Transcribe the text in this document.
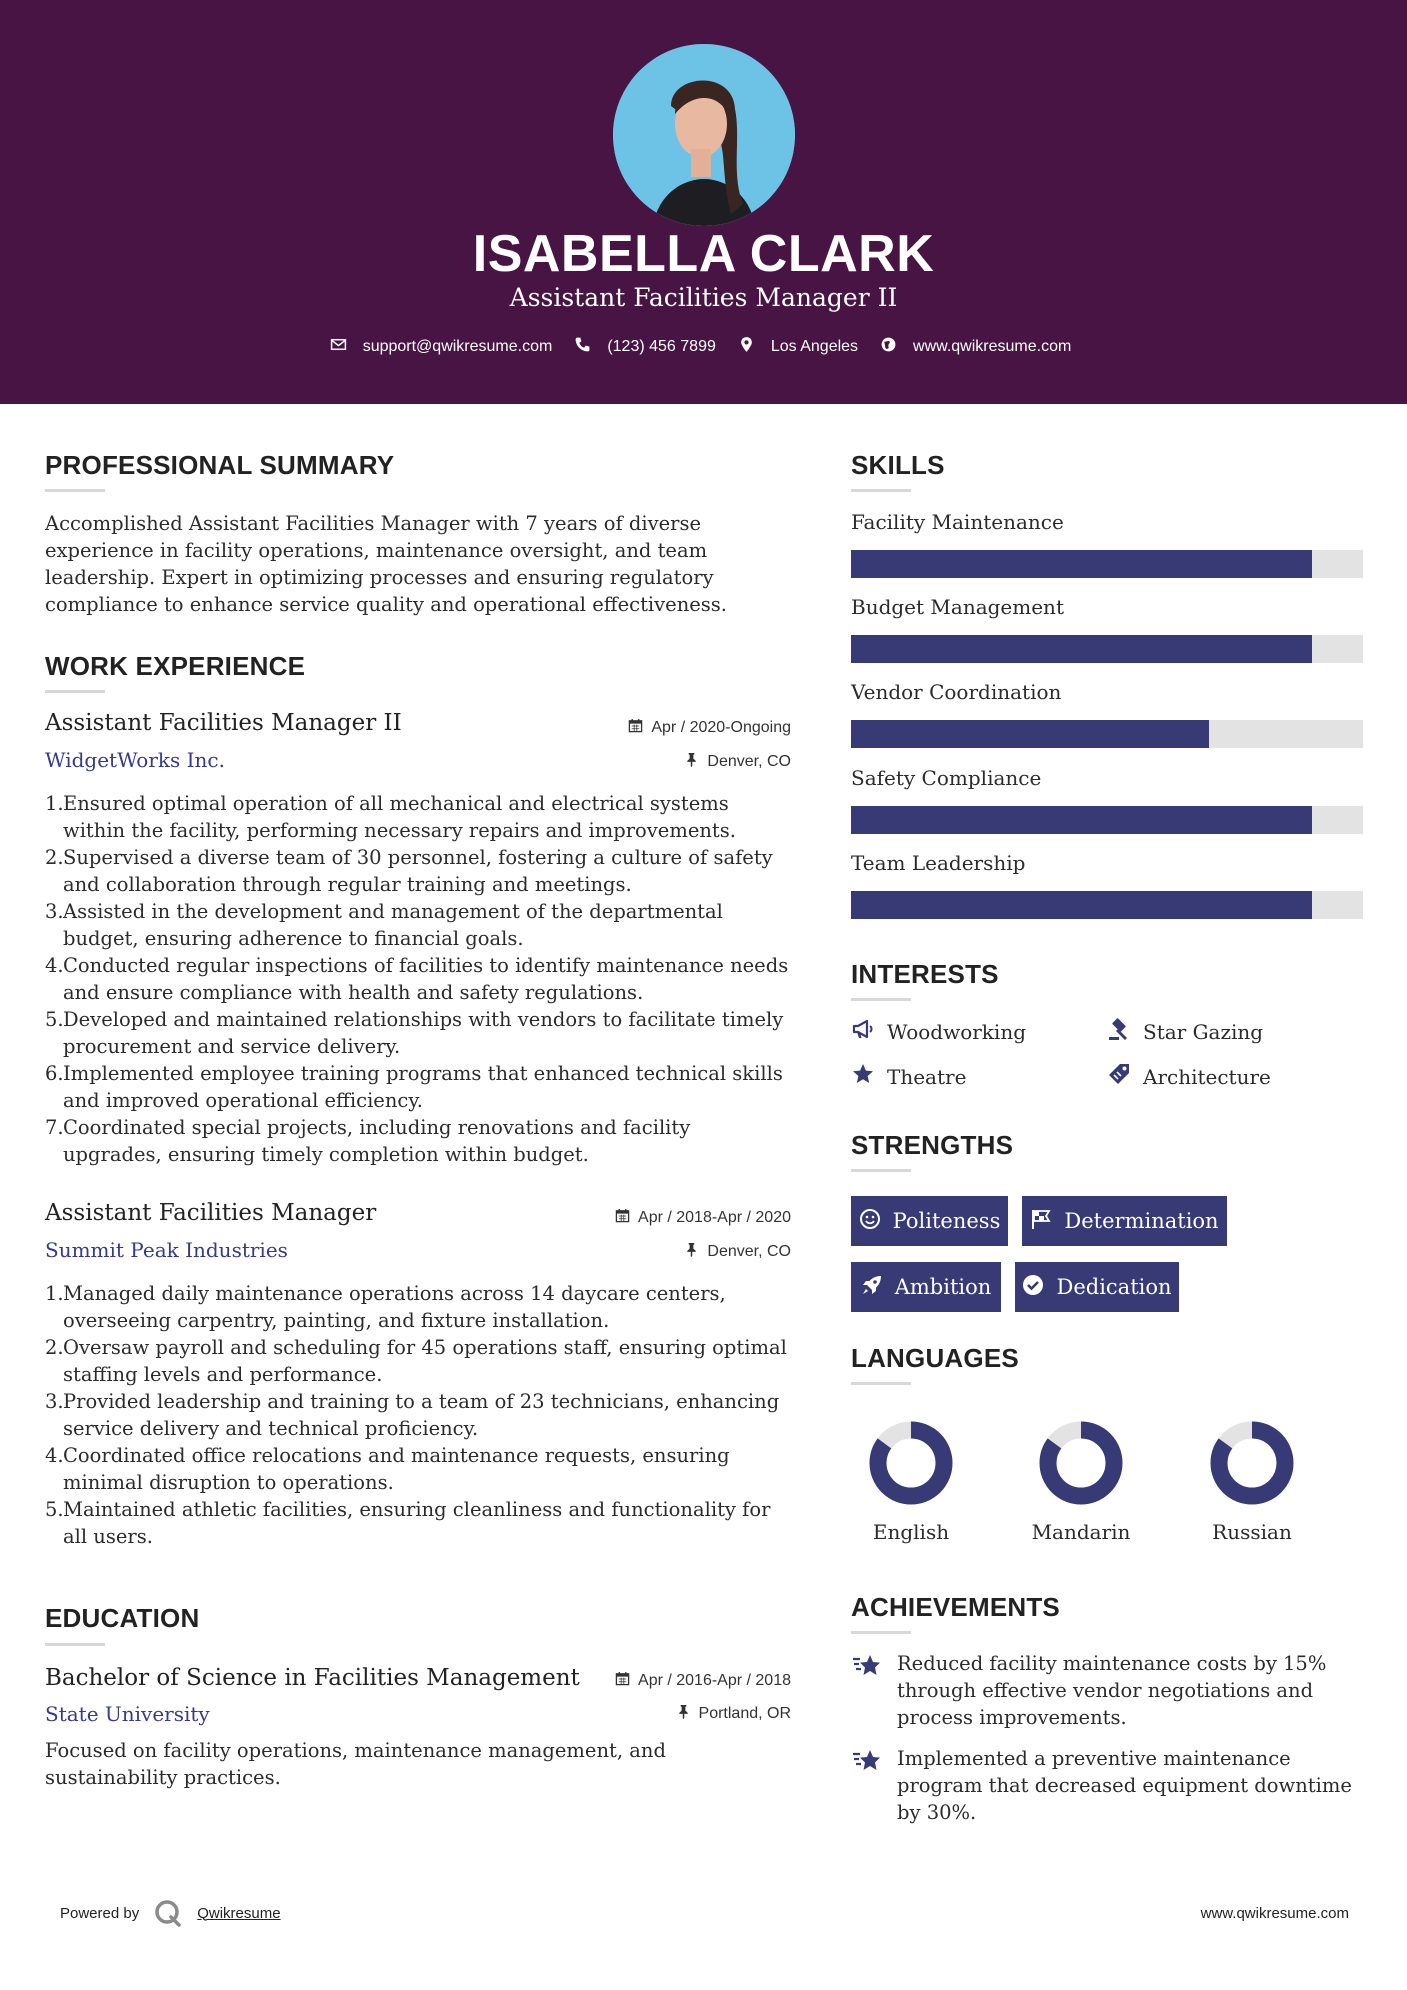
ISABELLA CLARK
Assistant Facilities Manager II
support@qwikresume.com	(123) 456 7899	Los Angeles	www.qwikresume.com
PROFESSIONAL SUMMARY
Accomplished Assistant Facilities Manager with 7 years of diverse experience in facility operations, maintenance oversight, and team leadership. Expert in optimizing processes and ensuring regulatory compliance to enhance service quality and operational effectiveness.
WORK EXPERIENCE
Assistant Facilities Manager II	Apr / 2020-Ongoing
WidgetWorks Inc.	Denver, CO
1. Ensured optimal operation of all mechanical and electrical systems within the facility, performing necessary repairs and improvements.
2. Supervised a diverse team of 30 personnel, fostering a culture of safety and collaboration through regular training and meetings.
3. Assisted in the development and management of the departmental budget, ensuring adherence to financial goals.
4. Conducted regular inspections of facilities to identify maintenance needs and ensure compliance with health and safety regulations.
5. Developed and maintained relationships with vendors to facilitate timely procurement and service delivery.
6. Implemented employee training programs that enhanced technical skills and improved operational efficiency.
7. Coordinated special projects, including renovations and facility upgrades, ensuring timely completion within budget.
Assistant Facilities Manager	Apr / 2018-Apr / 2020
Summit Peak Industries	Denver, CO
1. Managed daily maintenance operations across 14 daycare centers, overseeing carpentry, painting, and fixture installation.
2. Oversaw payroll and scheduling for 45 operations staff, ensuring optimal staffing levels and performance.
3. Provided leadership and training to a team of 23 technicians, enhancing service delivery and technical proficiency.
4. Coordinated office relocations and maintenance requests, ensuring minimal disruption to operations.
5. Maintained athletic facilities, ensuring cleanliness and functionality for all users.
EDUCATION
Bachelor of Science in Facilities Management	Apr / 2016-Apr / 2018
State University	Portland, OR
Focused on facility operations, maintenance management, and sustainability practices.
SKILLS
Facility Maintenance
Budget Management
Vendor Coordination
Safety Compliance
Team Leadership
INTERESTS
Woodworking	Star Gazing
Theatre	Architecture
STRENGTHS
Politeness	Determination
Ambition	Dedication
LANGUAGES
English	Mandarin	Russian
ACHIEVEMENTS
Reduced facility maintenance costs by 15% through effective vendor negotiations and process improvements.
Implemented a preventive maintenance program that decreased equipment downtime by 30%.
Powered by	Qwikresume	www.qwikresume.com
